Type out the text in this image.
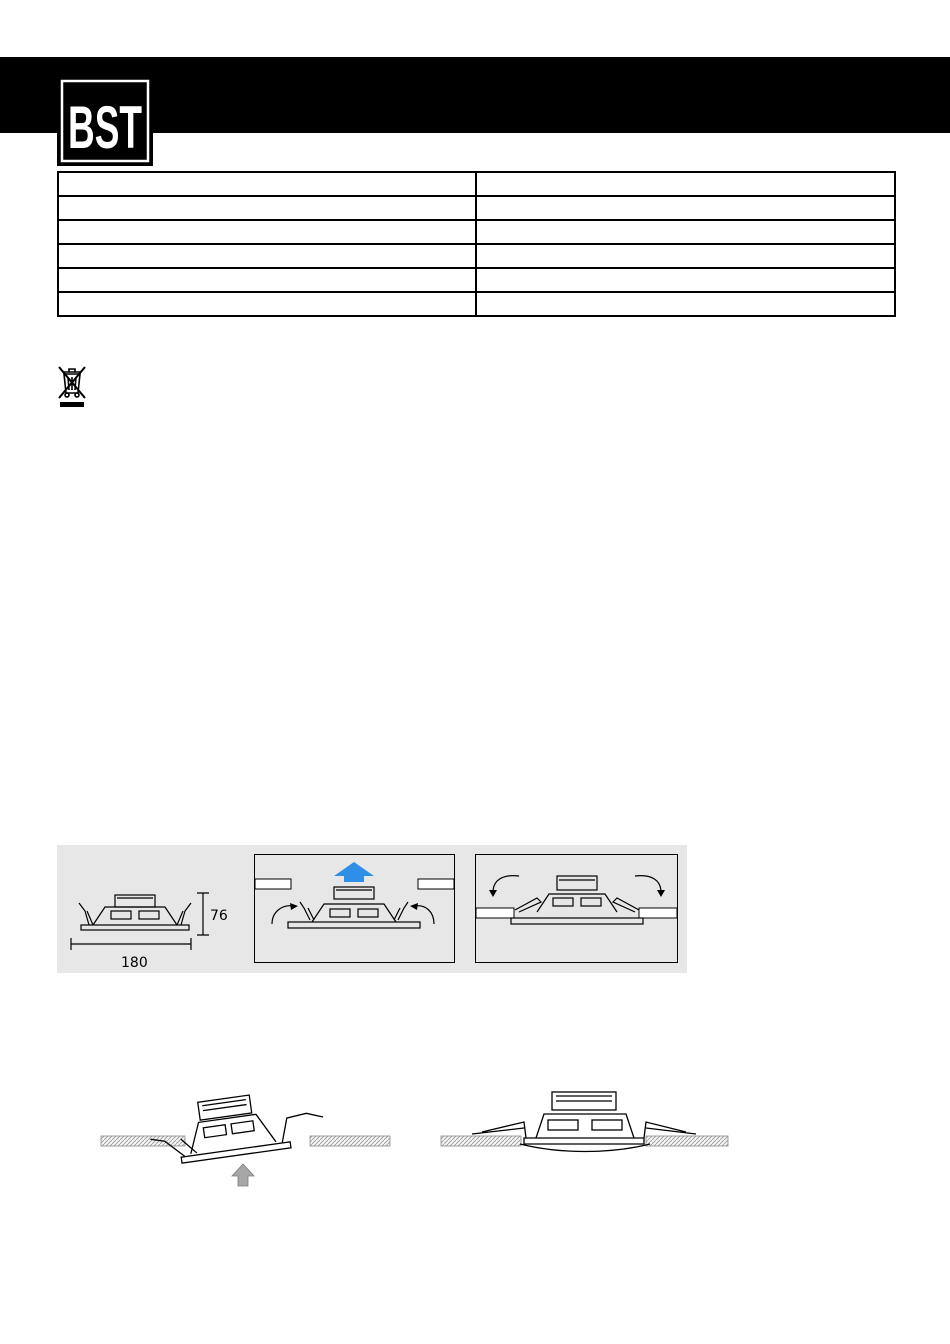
BST

76
180
